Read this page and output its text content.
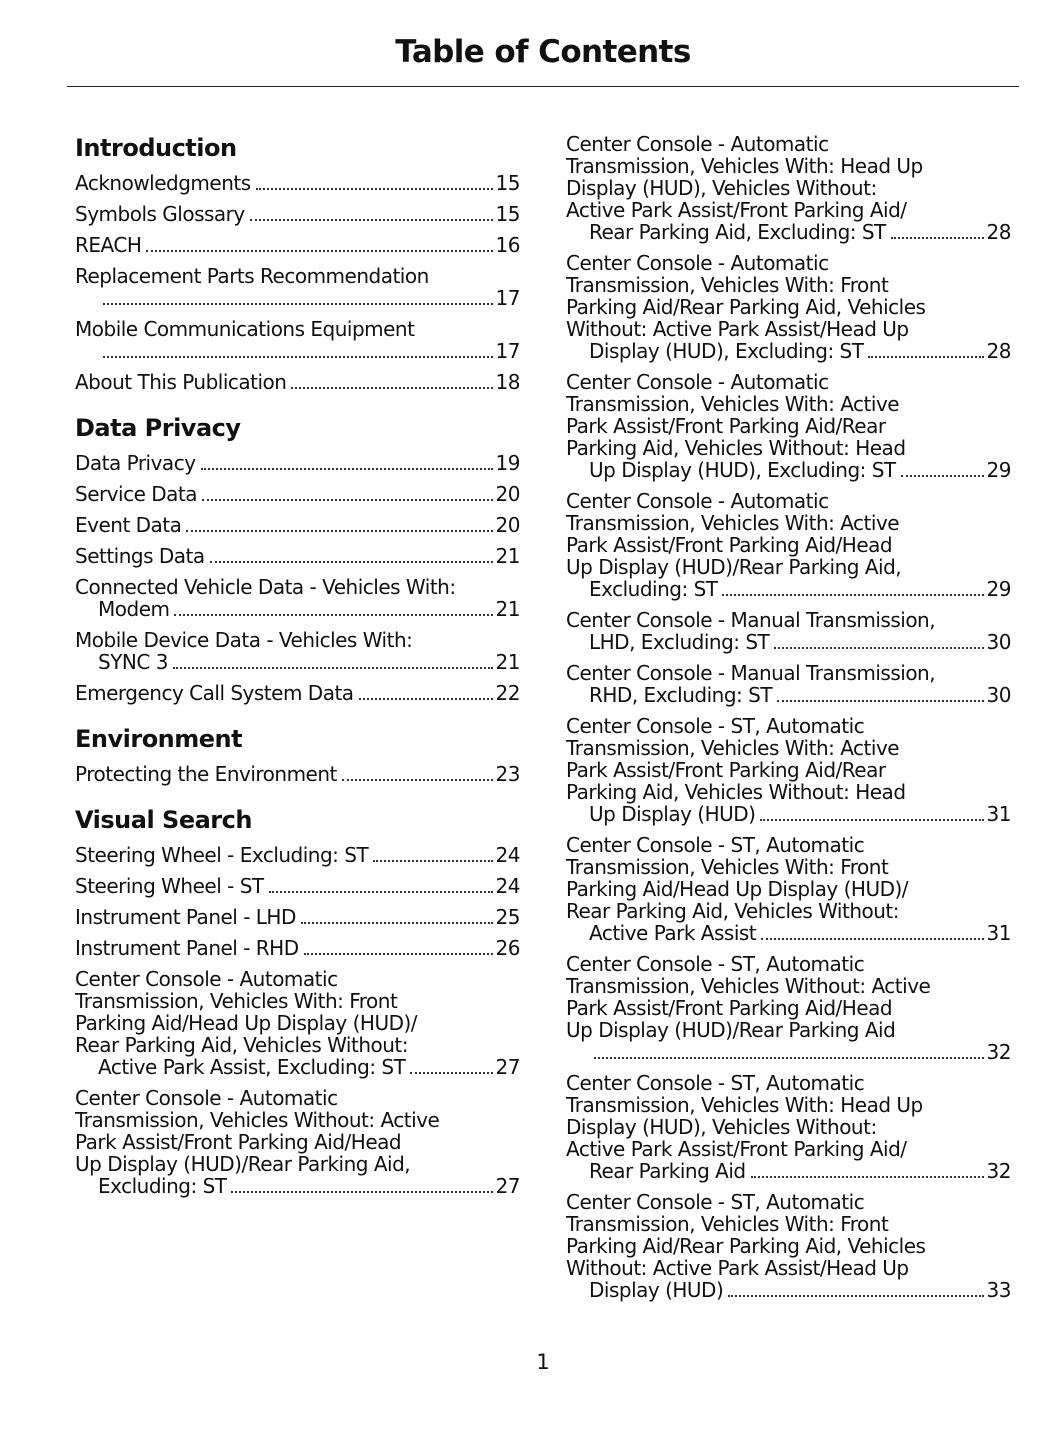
Table of Contents
Introduction
Acknowledgments	15
Symbols Glossary	15
REACH	16
Replacement Parts Recommendation
17
Mobile Communications Equipment
17
About This Publication	18
Data Privacy
Data Privacy	19
Service Data	20
Event Data	20
Settings Data	21
Connected Vehicle Data - Vehicles With:
Modem	21
Mobile Device Data - Vehicles With:
SYNC 3	21
Emergency Call System Data	22
Environment
Protecting the Environment	23
Visual Search
Steering Wheel - Excluding: ST	24
Steering Wheel - ST	24
Instrument Panel - LHD	25
Instrument Panel - RHD	26
Center Console - Automatic
Transmission, Vehicles With: Front
Parking Aid/Head Up Display (HUD)/
Rear Parking Aid, Vehicles Without:
Active Park Assist, Excluding: ST	27
Center Console - Automatic
Transmission, Vehicles Without: Active
Park Assist/Front Parking Aid/Head
Up Display (HUD)/Rear Parking Aid,
Excluding: ST	27
Center Console - Automatic
Transmission, Vehicles With: Head Up
Display (HUD), Vehicles Without:
Active Park Assist/Front Parking Aid/
Rear Parking Aid, Excluding: ST	28
Center Console - Automatic
Transmission, Vehicles With: Front
Parking Aid/Rear Parking Aid, Vehicles
Without: Active Park Assist/Head Up
Display (HUD), Excluding: ST	28
Center Console - Automatic
Transmission, Vehicles With: Active
Park Assist/Front Parking Aid/Rear
Parking Aid, Vehicles Without: Head
Up Display (HUD), Excluding: ST	29
Center Console - Automatic
Transmission, Vehicles With: Active
Park Assist/Front Parking Aid/Head
Up Display (HUD)/Rear Parking Aid,
Excluding: ST	29
Center Console - Manual Transmission,
LHD, Excluding: ST	30
Center Console - Manual Transmission,
RHD, Excluding: ST	30
Center Console - ST, Automatic
Transmission, Vehicles With: Active
Park Assist/Front Parking Aid/Rear
Parking Aid, Vehicles Without: Head
Up Display (HUD)	31
Center Console - ST, Automatic
Transmission, Vehicles With: Front
Parking Aid/Head Up Display (HUD)/
Rear Parking Aid, Vehicles Without:
Active Park Assist	31
Center Console - ST, Automatic
Transmission, Vehicles Without: Active
Park Assist/Front Parking Aid/Head
Up Display (HUD)/Rear Parking Aid
32
Center Console - ST, Automatic
Transmission, Vehicles With: Head Up
Display (HUD), Vehicles Without:
Active Park Assist/Front Parking Aid/
Rear Parking Aid	32
Center Console - ST, Automatic
Transmission, Vehicles With: Front
Parking Aid/Rear Parking Aid, Vehicles
Without: Active Park Assist/Head Up
Display (HUD)	33
1
